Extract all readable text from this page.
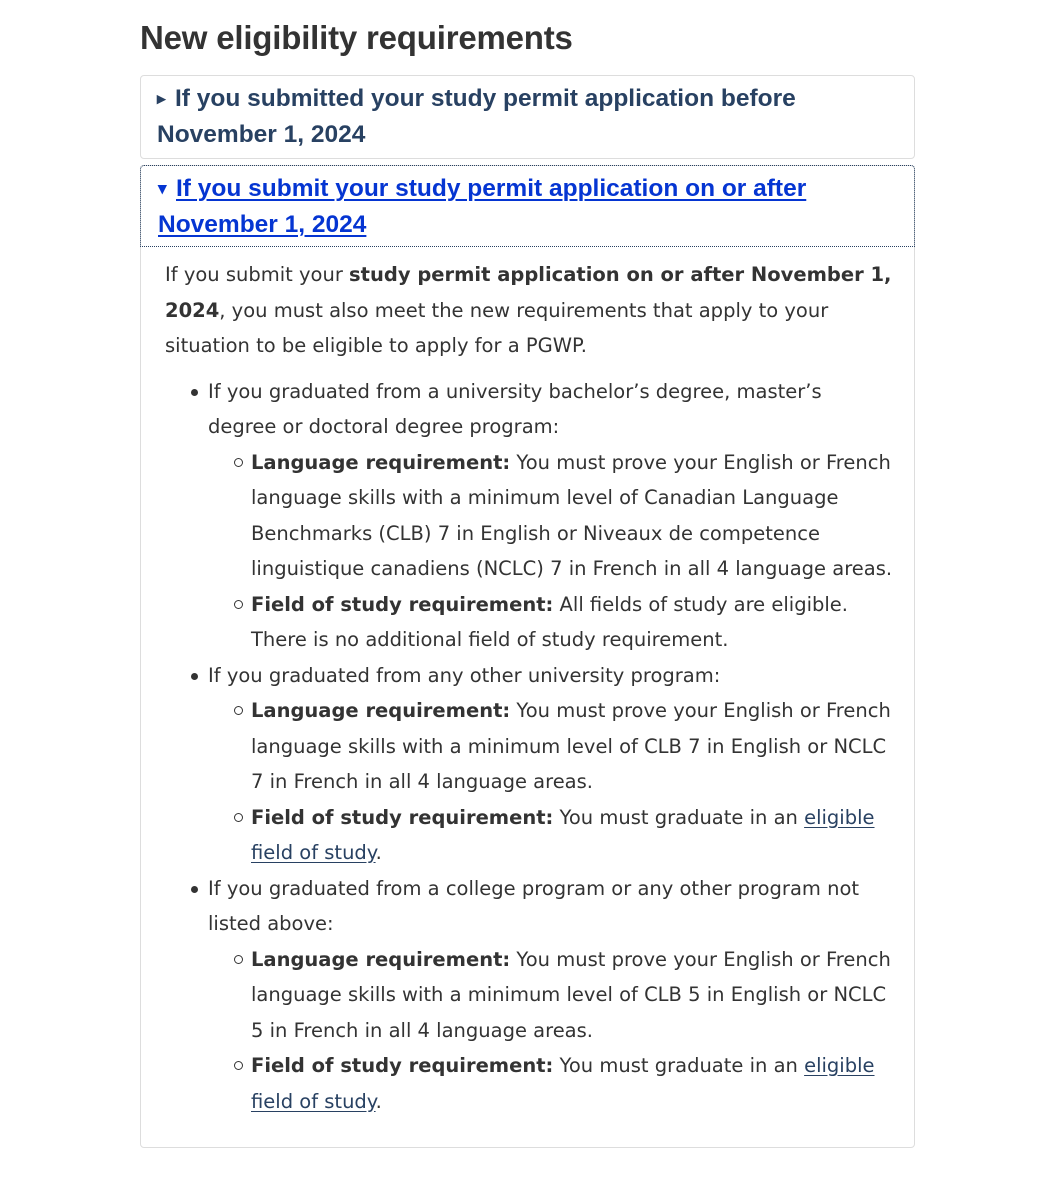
New eligibility requirements
▸ If you submitted your study permit application before November 1, 2024
▾ If you submit your study permit application on or after November 1, 2024

If you submit your study permit application on or after November 1, 2024, you must also meet the new requirements that apply to your situation to be eligible to apply for a PGWP.

If you graduated from a university bachelor’s degree, master’s degree or doctoral degree program:
Language requirement: You must prove your English or French language skills with a minimum level of Canadian Language Benchmarks (CLB) 7 in English or Niveaux de competence linguistique canadiens (NCLC) 7 in French in all 4 language areas.
Field of study requirement: All fields of study are eligible. There is no additional field of study requirement.
If you graduated from any other university program:
Language requirement: You must prove your English or French language skills with a minimum level of CLB 7 in English or NCLC 7 in French in all 4 language areas.
Field of study requirement: You must graduate in an eligible field of study.
If you graduated from a college program or any other program not listed above:
Language requirement: You must prove your English or French language skills with a minimum level of CLB 5 in English or NCLC 5 in French in all 4 language areas.
Field of study requirement: You must graduate in an eligible field of study.
